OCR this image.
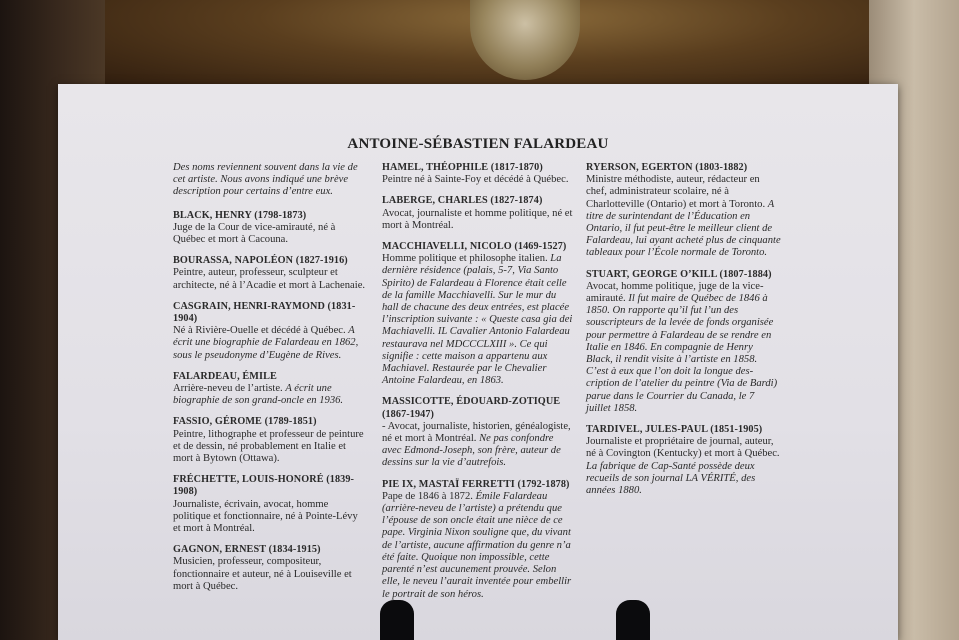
ANTOINE-SÉBASTIEN FALARDEAU
Des noms reviennent souvent dans la vie de cet artiste. Nous avons indiqué une brève description pour certains d’entre eux.
BLACK, HENRY (1798-1873)
Juge de la Cour de vice-amirauté, né à Québec et mort à Cacouna.
BOURASSA, NAPOLÉON (1827-1916)
Peintre, auteur, professeur, sculpteur et architecte, né à l’Acadie et mort à Lachenaie.
CASGRAIN, HENRI-RAYMOND (1831-1904)
Né à Rivière-Ouelle et décédé à Québec. A écrit une biographie de Falardeau en 1862, sous le pseudonyme d’Eugène de Rives.
FALARDEAU, ÉMILE
Arrière-neveu de l’artiste. A écrit une biographie de son grand-oncle en 1936.
FASSIO, GÉROME (1789-1851)
Peintre, lithographe et professeur de peinture et de dessin, né probablement en Italie et mort à Bytown (Ottawa).
FRÉCHETTE, LOUIS-HONORÉ (1839-1908)
Journaliste, écrivain, avocat, homme politique et fonctionnaire, né à Pointe-Lévy et mort à Montréal.
GAGNON, ERNEST (1834-1915)
Musicien, professeur, compositeur, fonctionnaire et auteur, né à Louiseville et mort à Québec.
HAMEL, THÉOPHILE (1817-1870)
Peintre né à Sainte-Foy et décédé à Québec.
LABERGE, CHARLES (1827-1874)
Avocat, journaliste et homme politique, né et mort à Montréal.
MACCHIAVELLI, NICOLO (1469-1527)
Homme politique et philosophe italien. La dernière résidence (palais, 5-7, Via Santo Spirito) de Falardeau à Florence était celle de la famille Macchiavelli. Sur le mur du hall de chacune des deux entrées, est placée l’inscription suivante : « Queste casa gia dei Machiavelli. IL Cavalier Antonio Falardeau restaurava nel MDCCCLXIII ». Ce qui signifie : cette maison a appartenu aux Machiavel. Restaurée par le Chevalier Antoine Falardeau, en 1863.
MASSICOTTE, ÉDOUARD-ZOTIQUE (1867-1947)
- Avocat, journaliste, historien, généalogiste, né et mort à Montréal. Ne pas confondre avec Edmond-Joseph, son frère, auteur de dessins sur la vie d’autrefois.
PIE IX, MASTAÏ FERRETTI (1792-1878)
Pape de 1846 à 1872. Émile Falardeau (arrière-neveu de l’artiste) a prétendu que l’épouse de son oncle était une nièce de ce pape. Virginia Nixon souligne que, du vivant de l’artiste, aucune affirmation du genre n’a été faite. Quoique non impossible, cette parenté n’est aucunement prouvée. Selon elle, le neveu l’aurait inventée pour embellir le portrait de son héros.
RYERSON, EGERTON (1803-1882)
Ministre méthodiste, auteur, rédacteur en chef, administrateur scolaire, né à Charlotteville (Ontario) et mort à Toronto. A titre de surintendant de l’Éducation en Ontario, il fut peut-être le meilleur client de Falardeau, lui ayant acheté plus de cinquante tableaux pour l’École normale de Toronto.
STUART, GEORGE O’KILL (1807-1884)
Avocat, homme politique, juge de la vice-amirauté. Il fut maire de Québec de 1846 à 1850. On rapporte qu’il fut l’un des souscripteurs de la levée de fonds organisée pour permettre à Falardeau de se rendre en Italie en 1846. En compagnie de Henry Black, il rendit visite à l’artiste en 1858. C’est à eux que l’on doit la longue des-cription de l’atelier du peintre (Via de Bardi) parue dans le Courrier du Canada, le 7 juillet 1858.
TARDIVEL, JULES-PAUL (1851-1905)
Journaliste et propriétaire de journal, auteur, né à Covington (Kentucky) et mort à Québec. La fabrique de Cap-Santé possède deux recueils de son journal LA VÉRITÉ, des années 1880.
